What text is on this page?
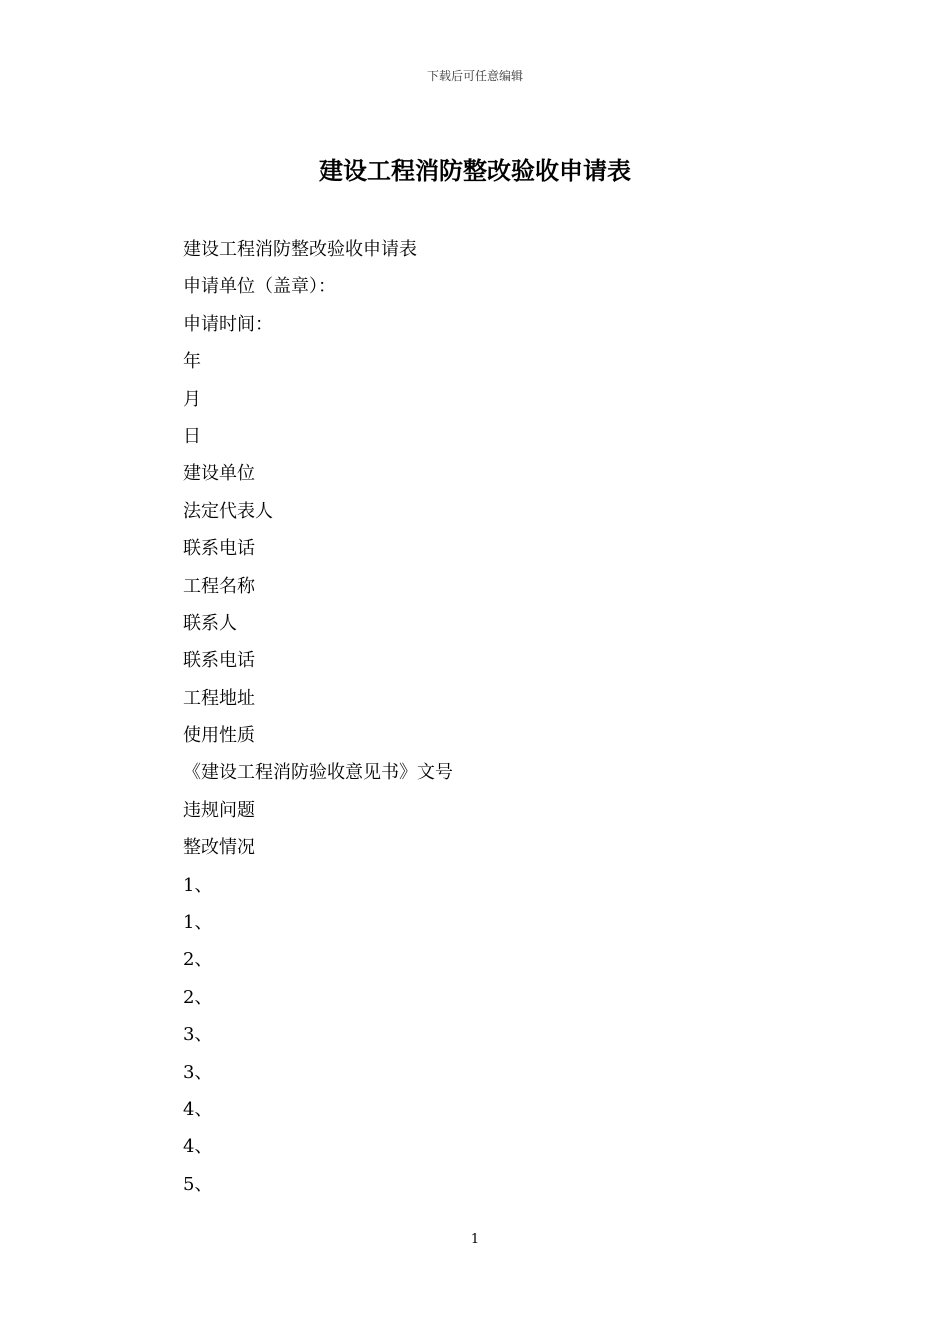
下载后可任意编辑
建设工程消防整改验收申请表
建设工程消防整改验收申请表
申请单位（盖章）：
申请时间：
年
月
日
建设单位
法定代表人
联系电话
工程名称
联系人
联系电话
工程地址
使用性质
《建设工程消防验收意见书》文号
违规问题
整改情况
1、
1、
2、
2、
3、
3、
4、
4、
5、
1
